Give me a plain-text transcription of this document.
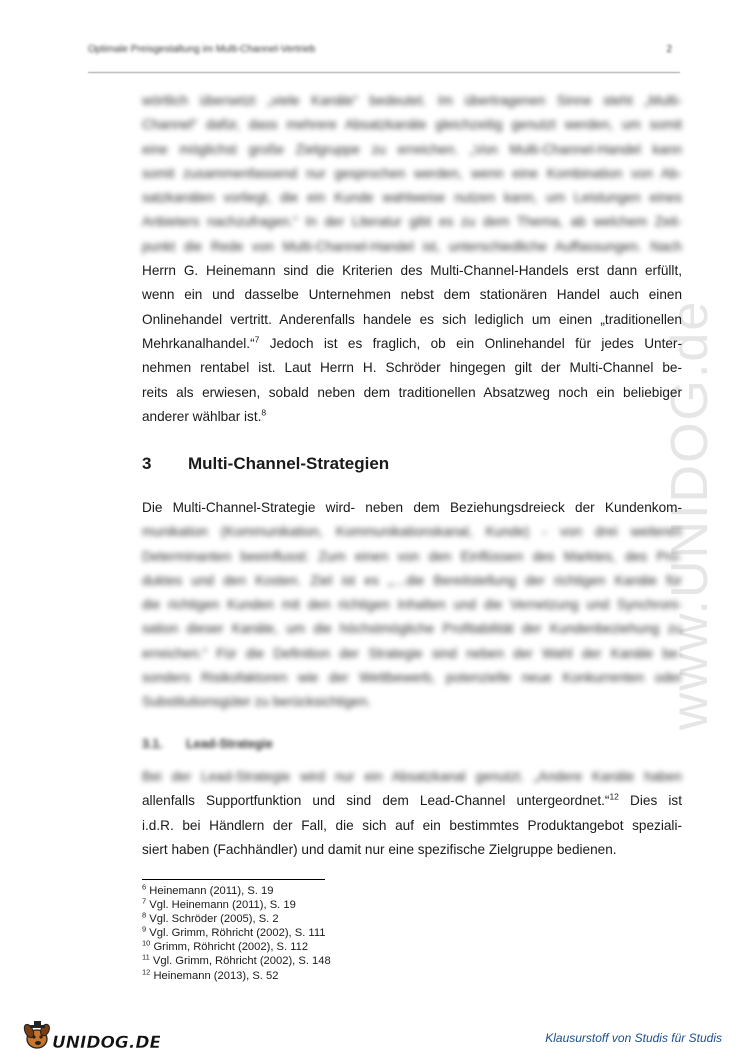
Optimale Preisgestaltung im Multi-Channel-Vertrieb	2
www.UNIDOG.de
wörtlich übersetzt „viele Kanäle“ bedeutet. Im übertragenen Sinne steht „Multi-
Channel“ dafür, dass mehrere Absatzkanäle gleichzeitig genutzt werden, um somit
eine möglichst große Zielgruppe zu erreichen. „Von Multi-Channel-Handel kann
somit zusammenfassend nur gesprochen werden, wenn eine Kombination von Ab-
satzkanälen vorliegt, die ein Kunde wahlweise nutzen kann, um Leistungen eines
Anbieters nachzufragen.“ In der Literatur gibt es zu dem Thema, ab welchem Zeit-
punkt die Rede von Multi-Channel-Handel ist, unterschiedliche Auffassungen. Nach
Herrn G. Heinemann sind die Kriterien des Multi-Channel-Handels erst dann erfüllt,
wenn ein und dasselbe Unternehmen nebst dem stationären Handel auch einen
Onlinehandel vertritt. Anderenfalls handele es sich lediglich um einen „traditionellen
Mehrkanalhandel.“$^7$ Jedoch ist es fraglich, ob ein Onlinehandel für jedes Unter-
nehmen rentabel ist. Laut Herrn H. Schröder hingegen gilt der Multi-Channel be-
reits als erwiesen, sobald neben dem traditionellen Absatzweg noch ein beliebiger
anderer wählbar ist.$^8$
3 Multi-Channel-Strategien
Die Multi-Channel-Strategie wird- neben dem Beziehungsdreieck der Kundenkom-
munikation (Kommunikation, Kommunikationskanal, Kunde) - von drei weiteren
Determinanten beeinflusst: Zum einen von den Einflüssen des Marktes, des Pro-
duktes und den Kosten. Ziel ist es „…die Bereitstellung der richtigen Kanäle für
die richtigen Kunden mit den richtigen Inhalten und die Vernetzung und Synchroni-
sation dieser Kanäle, um die höchstmögliche Profitabilität der Kundenbeziehung zu
erreichen.“ Für die Definition der Strategie sind neben der Wahl der Kanäle be-
sonders Risikofaktoren wie der Wettbewerb, potenzielle neue Konkurrenten oder
Substitutionsgüter zu berücksichtigen.
3.1. Lead-Strategie
Bei der Lead-Strategie wird nur ein Absatzkanal genutzt. „Andere Kanäle haben
allenfalls Supportfunktion und sind dem Lead-Channel untergeordnet.“$^{12}$ Dies ist
i.d.R. bei Händlern der Fall, die sich auf ein bestimmtes Produktangebot speziali-
siert haben (Fachhändler) und damit nur eine spezifische Zielgruppe bedienen.
$^6$ Heinemann (2011), S. 19
$^7$ Vgl. Heinemann (2011), S. 19
$^8$ Vgl. Schröder (2005), S. 2
$^9$ Vgl. Grimm, Röhricht (2002), S. 111
$^{10}$ Grimm, Röhricht (2002), S. 112
$^{11}$ Vgl. Grimm, Röhricht (2002), S. 148
$^{12}$ Heinemann (2013), S. 52
UNIDOG.DE	Klausurstoff von Studis für Studis
